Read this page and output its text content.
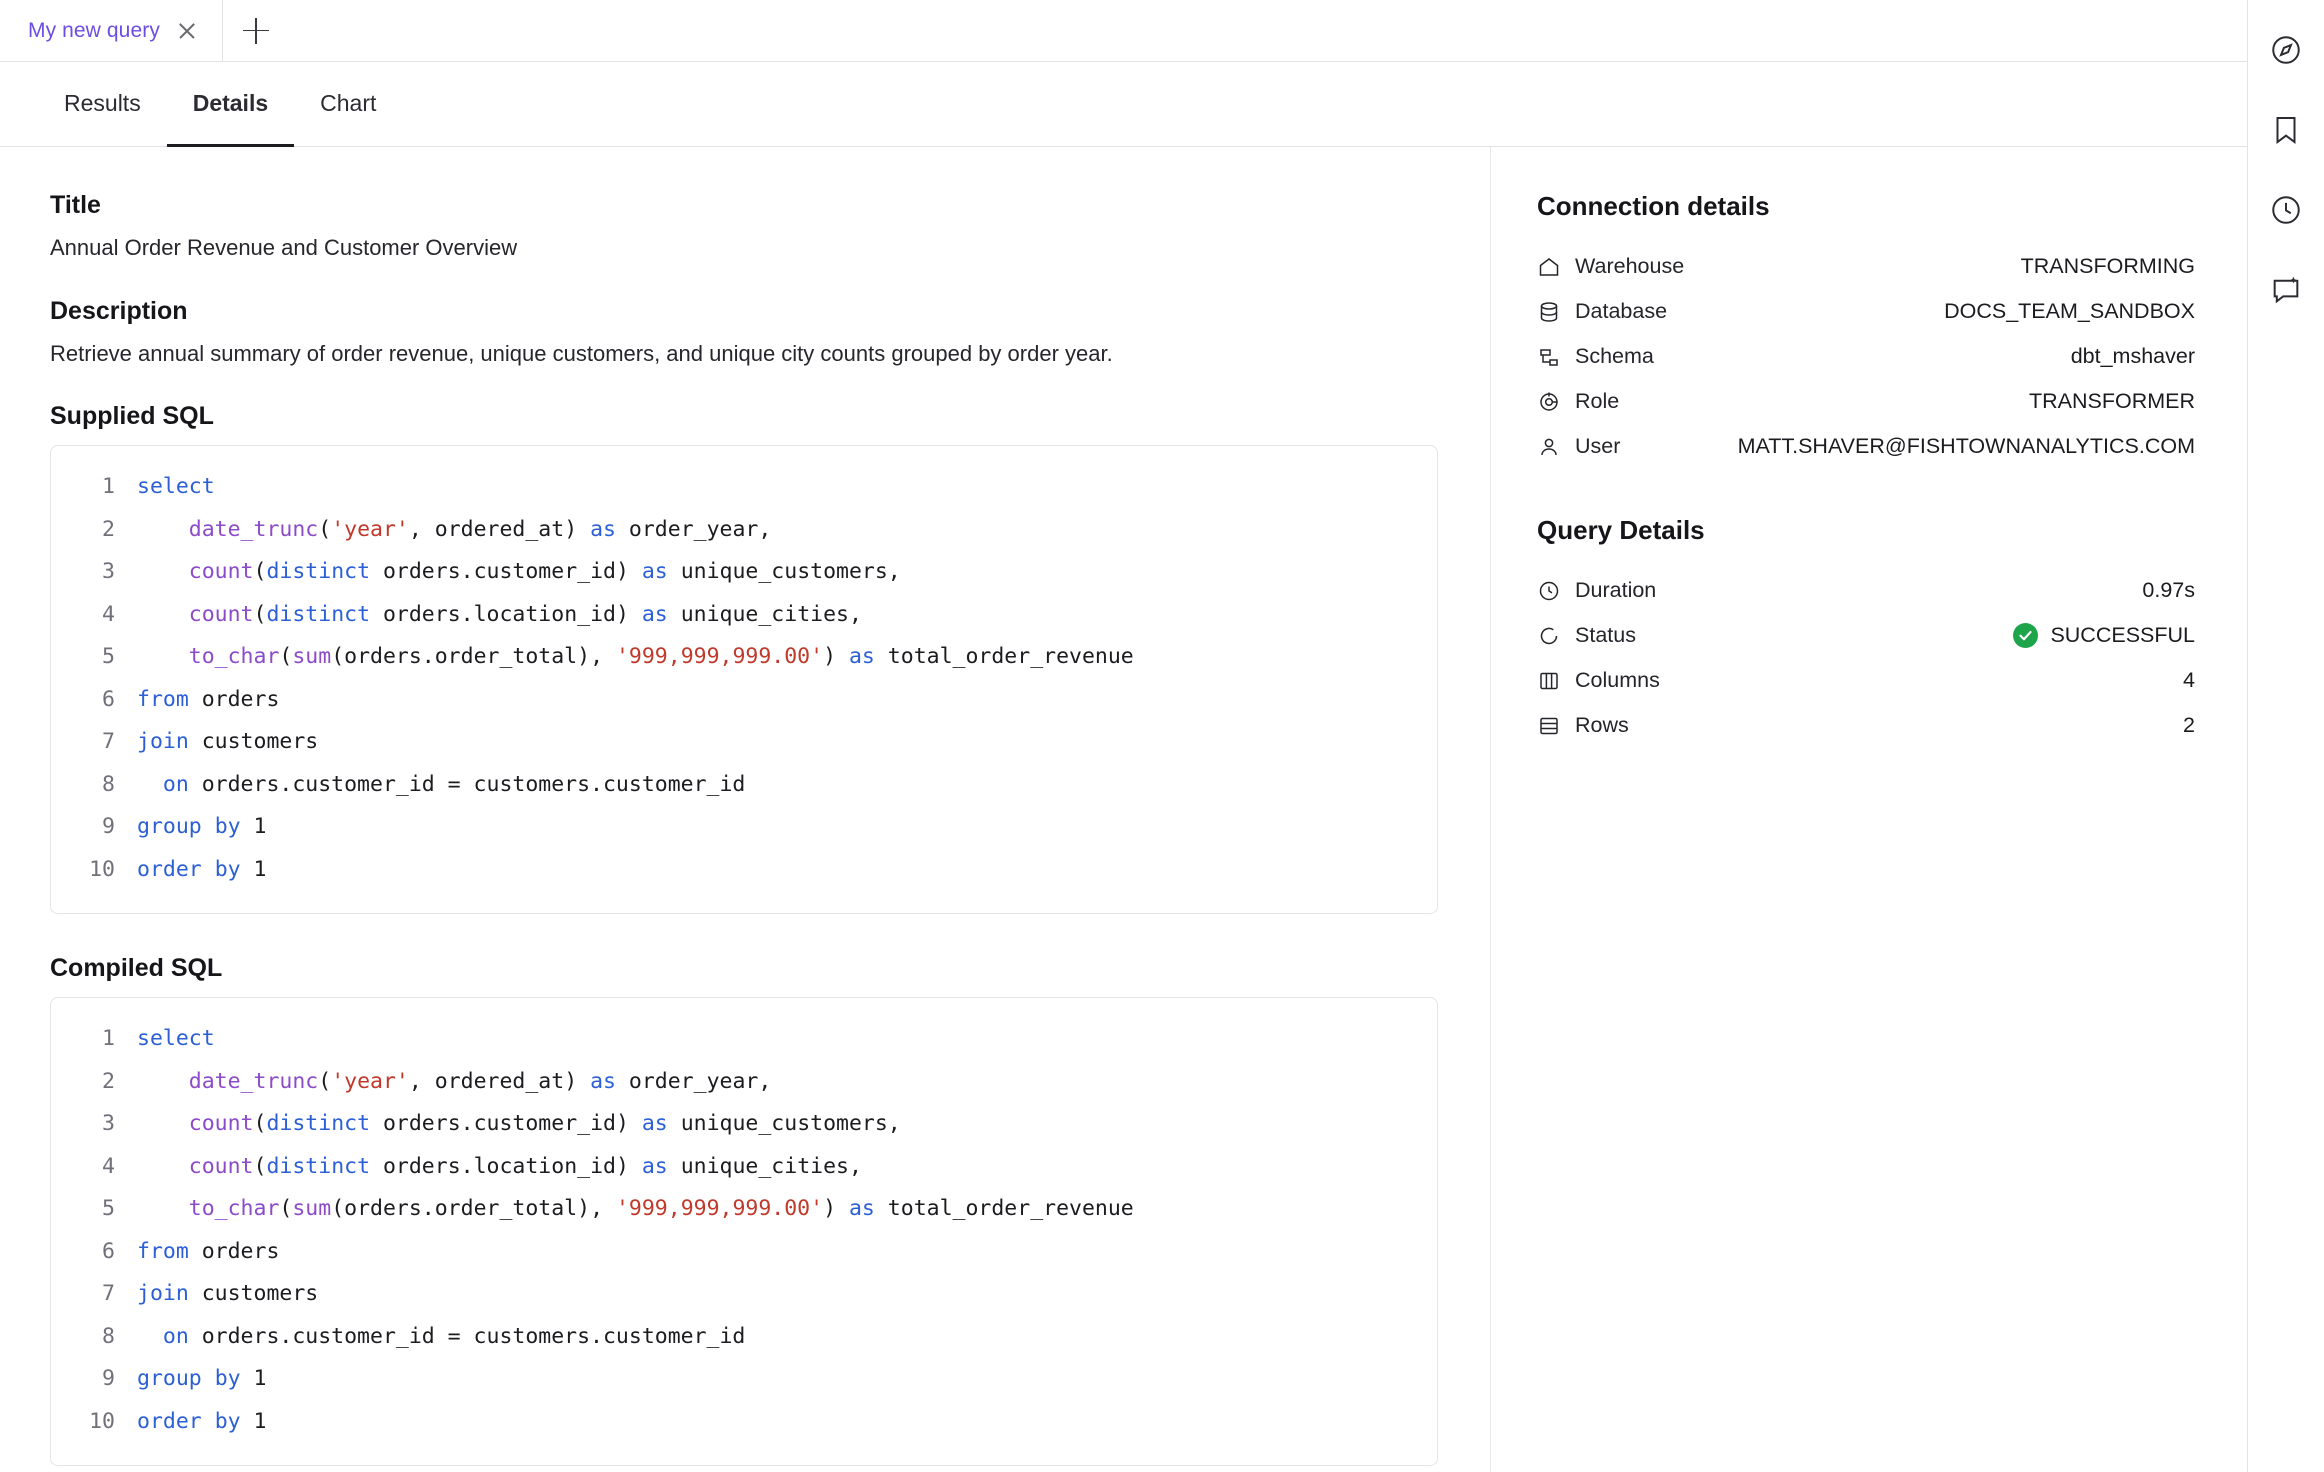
My new query
Results	Details	Chart
Title

Annual Order Revenue and Customer Overview

Description

Retrieve annual summary of order revenue, unique customers, and unique city counts grouped by order year.

Supplied SQL
1	select
2	date_trunc('year', ordered_at) as order_year,
3	count(distinct orders.customer_id) as unique_customers,
4	count(distinct orders.location_id) as unique_cities,
5	to_char(sum(orders.order_total), '999,999,999.00') as total_order_revenue
6	from orders
7	join customers
8	on orders.customer_id = customers.customer_id
9	group by 1
10	order by 1
Compiled SQL
1	select
2	date_trunc('year', ordered_at) as order_year,
3	count(distinct orders.customer_id) as unique_customers,
4	count(distinct orders.location_id) as unique_cities,
5	to_char(sum(orders.order_total), '999,999,999.00') as total_order_revenue
6	from orders
7	join customers
8	on orders.customer_id = customers.customer_id
9	group by 1
10	order by 1
Connection details
Warehouse	TRANSFORMING
Database	DOCS_TEAM_SANDBOX
Schema	dbt_mshaver
Role	TRANSFORMER
User	MATT.SHAVER@FISHTOWNANALYTICS.COM
Query Details
Duration	0.97s
Status	SUCCESSFUL
Columns	4
Rows	2
